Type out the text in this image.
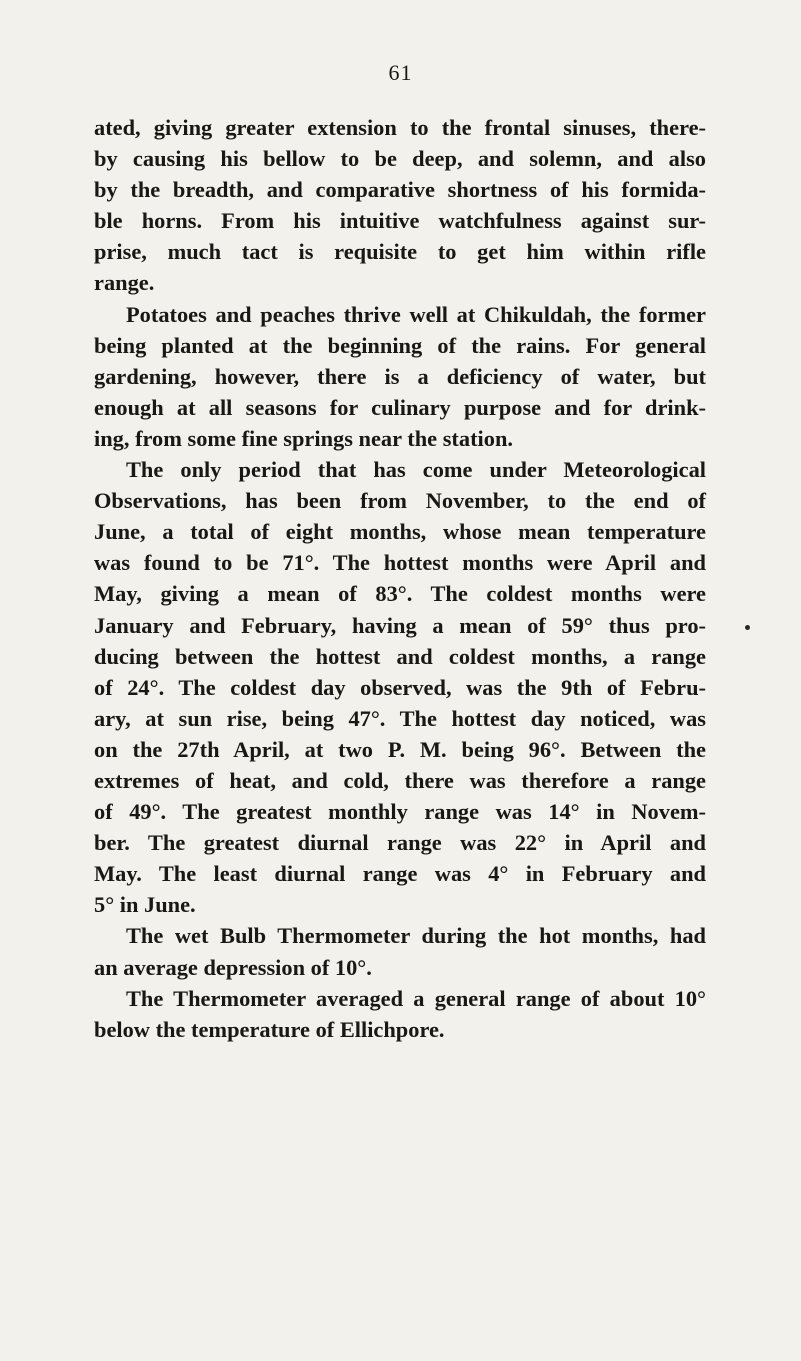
61
ated, giving greater extension to the frontal sinuses, there-
by causing his bellow to be deep, and solemn, and also
by the breadth, and comparative shortness of his formida-
ble horns. From his intuitive watchfulness against sur-
prise, much tact is requisite to get him within rifle
range.
Potatoes and peaches thrive well at Chikuldah, the former
being planted at the beginning of the rains. For general
gardening, however, there is a deficiency of water, but
enough at all seasons for culinary purpose and for drink-
ing, from some fine springs near the station.
The only period that has come under Meteorological
Observations, has been from November, to the end of
June, a total of eight months, whose mean temperature
was found to be 71°. The hottest months were April and
May, giving a mean of 83°. The coldest months were
January and February, having a mean of 59° thus pro-
ducing between the hottest and coldest months, a range
of 24°. The coldest day observed, was the 9th of Febru-
ary, at sun rise, being 47°. The hottest day noticed, was
on the 27th April, at two P. M. being 96°. Between the
extremes of heat, and cold, there was therefore a range
of 49°. The greatest monthly range was 14° in Novem-
ber. The greatest diurnal range was 22° in April and
May. The least diurnal range was 4° in February and
5° in June.
The wet Bulb Thermometer during the hot months, had
an average depression of 10°.
The Thermometer averaged a general range of about 10°
below the temperature of Ellichpore.
